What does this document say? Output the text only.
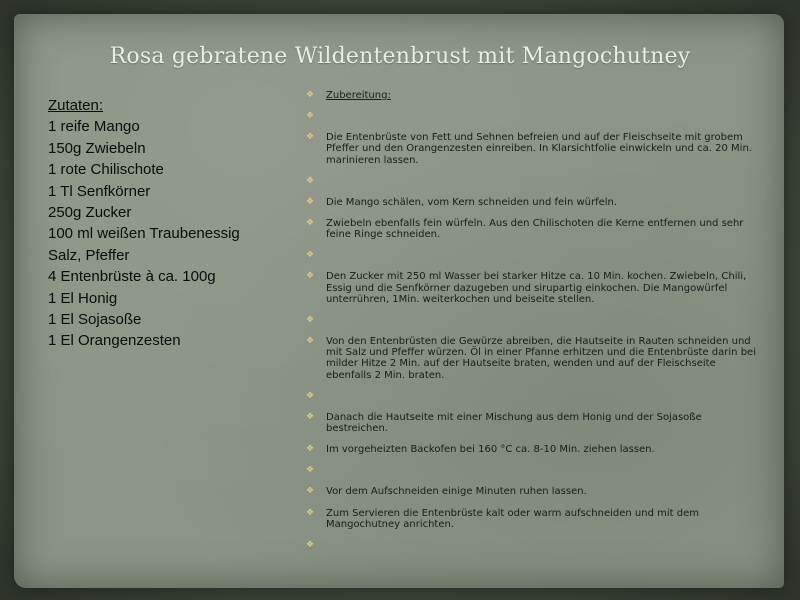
Rosa gebratene Wildentenbrust mit Mangochutney
Zutaten:
1 reife Mango
150g Zwiebeln
1 rote Chilischote
1 Tl Senfkörner
250g Zucker
100 ml weißen Traubenessig
Salz, Pfeffer
4 Entenbrüste à ca. 100g
1 El Honig
1 El Sojasoße
1 El Orangenzesten
❖	Zubereitung:
❖
❖	Die Entenbrüste von Fett und Sehnen befreien und auf der Fleischseite mit grobem Pfeffer und den Orangenzesten einreiben. In Klarsichtfolie einwickeln und ca. 20 Min. marinieren lassen.
❖
❖	Die Mango schälen, vom Kern schneiden und fein würfeln.
❖	Zwiebeln ebenfalls fein würfeln. Aus den Chilischoten die Kerne entfernen und sehr feine Ringe schneiden.
❖
❖	Den Zucker mit 250 ml Wasser bei starker Hitze ca. 10 Min. kochen. Zwiebeln, Chili, Essig und die Senfkörner dazugeben und sirupartig einkochen. Die Mangowürfel unterrühren, 1Min. weiterkochen und beiseite stellen.
❖
❖	Von den Entenbrüsten die Gewürze abreiben, die Hautseite in Rauten schneiden und mit Salz und Pfeffer würzen. Öl in einer Pfanne erhitzen und die Entenbrüste darin bei milder Hitze 2 Min. auf der Hautseite braten, wenden und auf der Fleischseite ebenfalls 2 Min. braten.
❖
❖	Danach die Hautseite mit einer Mischung aus dem Honig und der Sojasoße bestreichen.
❖	Im vorgeheizten Backofen bei 160 °C ca. 8-10 Min. ziehen lassen.
❖
❖	Vor dem Aufschneiden einige Minuten ruhen lassen.
❖	Zum Servieren die Entenbrüste kalt oder warm aufschneiden und mit dem Mangochutney anrichten.
❖
